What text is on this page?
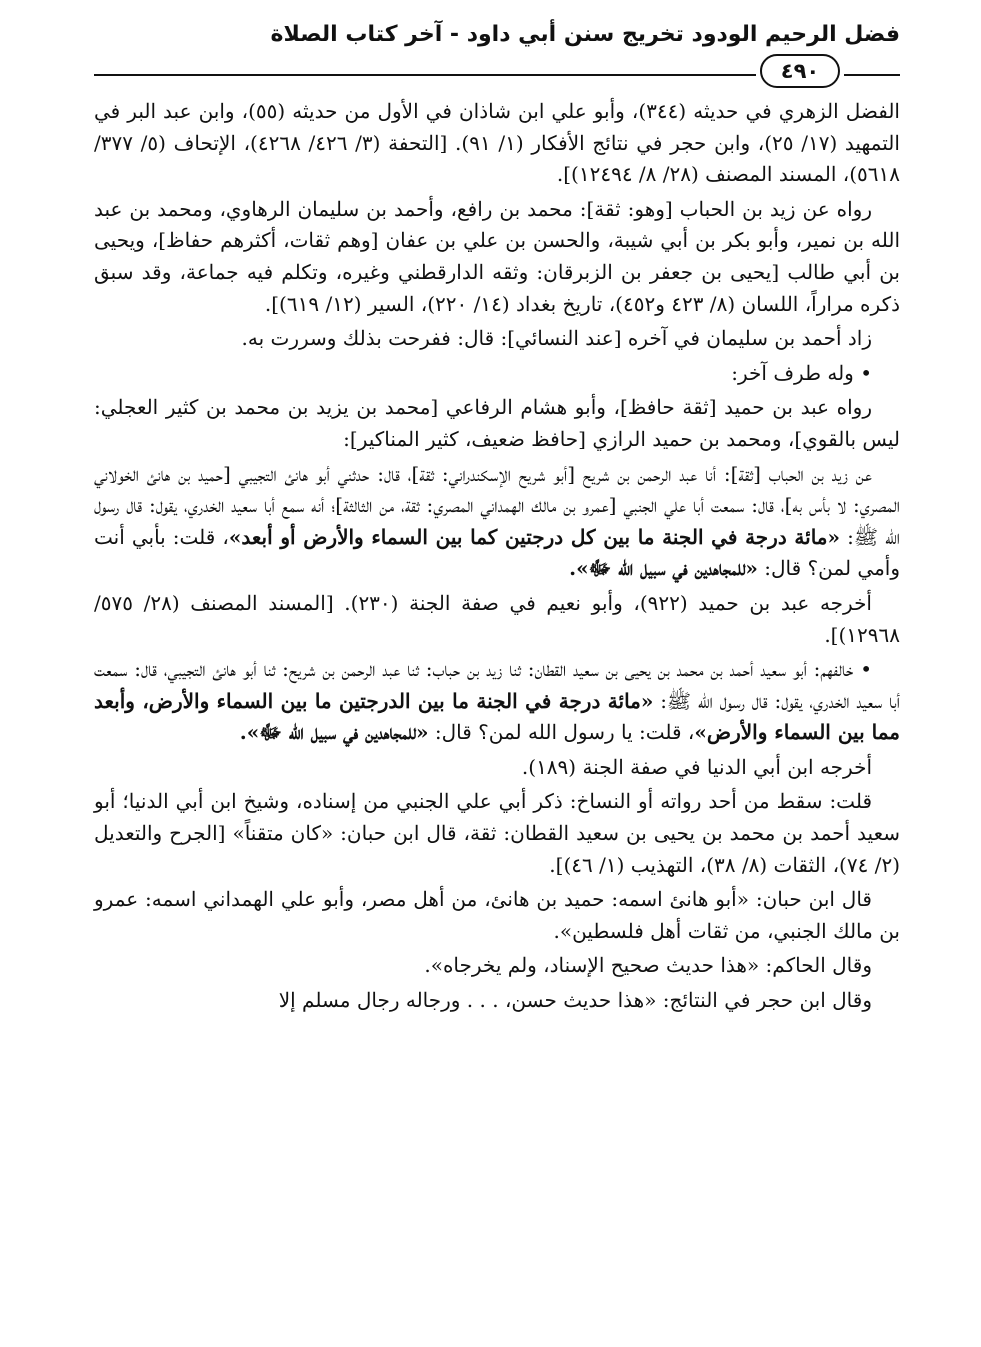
فضل الرحيم الودود تخريج سنن أبي داود - آخر كتاب الصلاة
٤٩٠

الفضل الزهري في حديثه (٣٤٤)، وأبو علي ابن شاذان في الأول من حديثه (٥٥)، وابن عبد البر في التمهيد (١٧/ ٢٥)، وابن حجر في نتائج الأفكار (١/ ٩١). [التحفة (٣/ ٤٢٦/ ٤٢٦٨)، الإتحاف (٥/ ٣٧٧/ ٥٦١٨)، المسند المصنف (٢٨/ ٨/ ١٢٤٩٤)].

رواه عن زيد بن الحباب [وهو: ثقة]: محمد بن رافع، وأحمد بن سليمان الرهاوي، ومحمد بن عبد الله بن نمير، وأبو بكر بن أبي شيبة، والحسن بن علي بن عفان [وهم ثقات، أكثرهم حفاظ]، ويحيى بن أبي طالب [يحيى بن جعفر بن الزبرقان: وثقه الدارقطني وغيره، وتكلم فيه جماعة، وقد سبق ذكره مراراً، اللسان (٨/ ٤٢٣ و٤٥٢)، تاريخ بغداد (١٤/ ٢٢٠)، السير (١٢/ ٦١٩)].

زاد أحمد بن سليمان في آخره [عند النسائي]: قال: ففرحت بذلك وسررت به.

• وله طرف آخر:

رواه عبد بن حميد [ثقة حافظ]، وأبو هشام الرفاعي [محمد بن يزيد بن محمد بن كثير العجلي: ليس بالقوي]، ومحمد بن حميد الرازي [حافظ ضعيف، كثير المناكير]:

عن زيد بن الحباب [ثقة]: أنا عبد الرحمن بن شريح [أبو شريح الإسكندراني: ثقة]، قال: حدثني أبو هانئ التجيبي [حميد بن هانئ الخولاني المصري: لا بأس به]، قال: سمعت أبا علي الجنبي [عمرو بن مالك الهمداني المصري: ثقة، من الثالثة]؛ أنه سمع أبا سعيد الخدري، يقول: قال رسول الله ﷺ: «مائة درجة في الجنة ما بين كل درجتين كما بين السماء والأرض أو أبعد»، قلت: بأبي أنت وأمي لمن؟ قال: «للمجاهدين في سبيل الله ﷻ».

أخرجه عبد بن حميد (٩٢٢)، وأبو نعيم في صفة الجنة (٢٣٠). [المسند المصنف (٢٨/ ٥٧٥/ ١٢٩٦٨)].

• خالفهم: أبو سعيد أحمد بن محمد بن يحيى بن سعيد القطان: ثنا زيد بن حباب: ثنا عبد الرحمن بن شريح: ثنا أبو هانئ التجيبي، قال: سمعت أبا سعيد الخدري، يقول: قال رسول الله ﷺ: «مائة درجة في الجنة ما بين الدرجتين ما بين السماء والأرض، وأبعد مما بين السماء والأرض»، قلت: يا رسول الله لمن؟ قال: «للمجاهدين في سبيل الله ﷻ».

أخرجه ابن أبي الدنيا في صفة الجنة (١٨٩).

قلت: سقط من أحد رواته أو النساخ: ذكر أبي علي الجنبي من إسناده، وشيخ ابن أبي الدنيا؛ أبو سعيد أحمد بن محمد بن يحيى بن سعيد القطان: ثقة، قال ابن حبان: «كان متقناً» [الجرح والتعديل (٢/ ٧٤)، الثقات (٨/ ٣٨)، التهذيب (١/ ٤٦)].

قال ابن حبان: «أبو هانئ اسمه: حميد بن هانئ، من أهل مصر، وأبو علي الهمداني اسمه: عمرو بن مالك الجنبي، من ثقات أهل فلسطين».

وقال الحاكم: «هذا حديث صحيح الإسناد، ولم يخرجاه».

وقال ابن حجر في النتائج: «هذا حديث حسن، . . . ورجاله رجال مسلم إلا
